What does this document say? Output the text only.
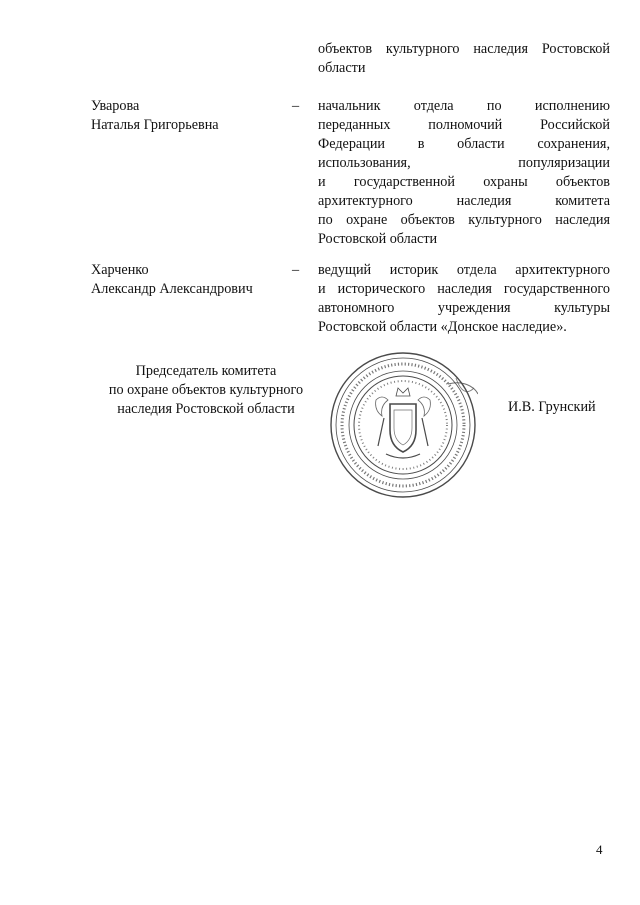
объектов культурного наследия Ростовской
области
Уварова
Наталья Григорьевна
– начальник отдела по исполнению
переданных полномочий Российской
Федерации в области сохранения,
использования, популяризации
и государственной охраны объектов
архитектурного наследия комитета
по охране объектов культурного наследия
Ростовской области
Харченко
Александр Александрович
– ведущий историк отдела архитектурного
и исторического наследия государственного
автономного учреждения культуры
Ростовской области «Донское наследие».
Председатель комитета
по охране объектов культурного
наследия Ростовской области	И.В. Грунский
4
